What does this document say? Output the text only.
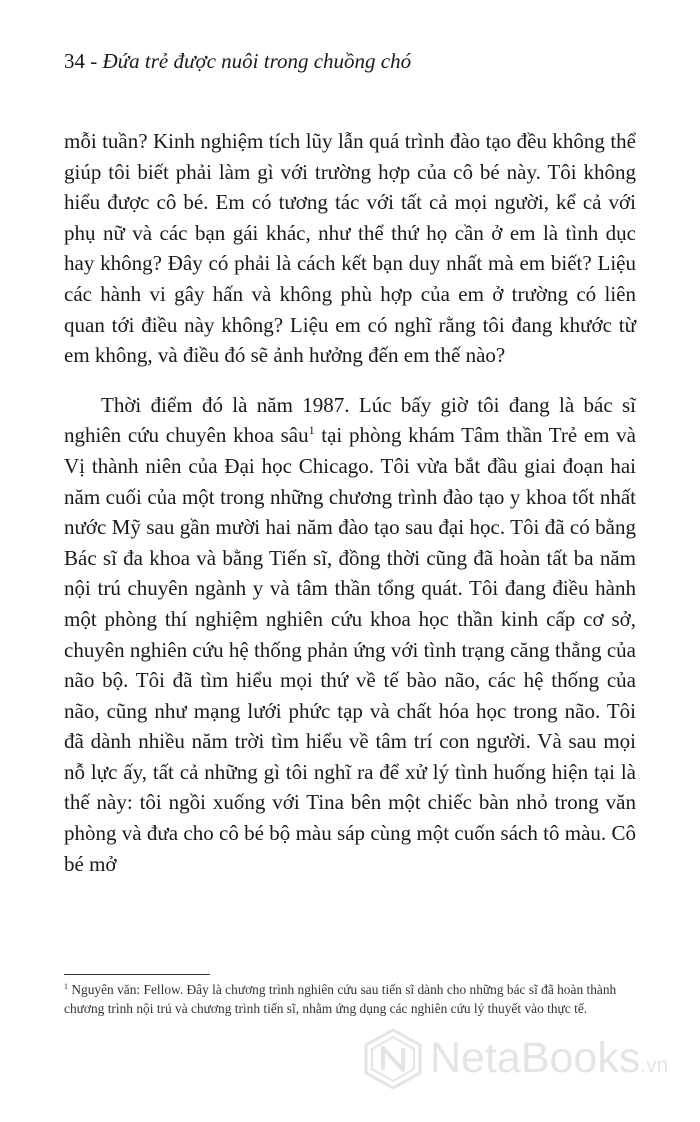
34 - Đứa trẻ được nuôi trong chuồng chó

mỗi tuần? Kinh nghiệm tích lũy lẫn quá trình đào tạo đều không thể giúp tôi biết phải làm gì với trường hợp của cô bé này. Tôi không hiểu được cô bé. Em có tương tác với tất cả mọi người, kể cả với phụ nữ và các bạn gái khác, như thể thứ họ cần ở em là tình dục hay không? Đây có phải là cách kết bạn duy nhất mà em biết? Liệu các hành vi gây hấn và không phù hợp của em ở trường có liên quan tới điều này không? Liệu em có nghĩ rằng tôi đang khước từ em không, và điều đó sẽ ảnh hưởng đến em thế nào?

Thời điểm đó là năm 1987. Lúc bấy giờ tôi đang là bác sĩ nghiên cứu chuyên khoa sâu$^1$ tại phòng khám Tâm thần Trẻ em và Vị thành niên của Đại học Chicago. Tôi vừa bắt đầu giai đoạn hai năm cuối của một trong những chương trình đào tạo y khoa tốt nhất nước Mỹ sau gần mười hai năm đào tạo sau đại học. Tôi đã có bằng Bác sĩ đa khoa và bằng Tiến sĩ, đồng thời cũng đã hoàn tất ba năm nội trú chuyên ngành y và tâm thần tổng quát. Tôi đang điều hành một phòng thí nghiệm nghiên cứu khoa học thần kinh cấp cơ sở, chuyên nghiên cứu hệ thống phản ứng với tình trạng căng thẳng của não bộ. Tôi đã tìm hiểu mọi thứ về tế bào não, các hệ thống của não, cũng như mạng lưới phức tạp và chất hóa học trong não. Tôi đã dành nhiều năm trời tìm hiểu về tâm trí con người. Và sau mọi nỗ lực ấy, tất cả những gì tôi nghĩ ra để xử lý tình huống hiện tại là thế này: tôi ngồi xuống với Tina bên một chiếc bàn nhỏ trong văn phòng và đưa cho cô bé bộ màu sáp cùng một cuốn sách tô màu. Cô bé mở

$^1$ Nguyên văn: Fellow. Đây là chương trình nghiên cứu sau tiến sĩ dành cho những bác sĩ đã hoàn thành chương trình nội trú và chương trình tiến sĩ, nhằm ứng dụng các nghiên cứu lý thuyết vào thực tế.
NetaBooks.vn
